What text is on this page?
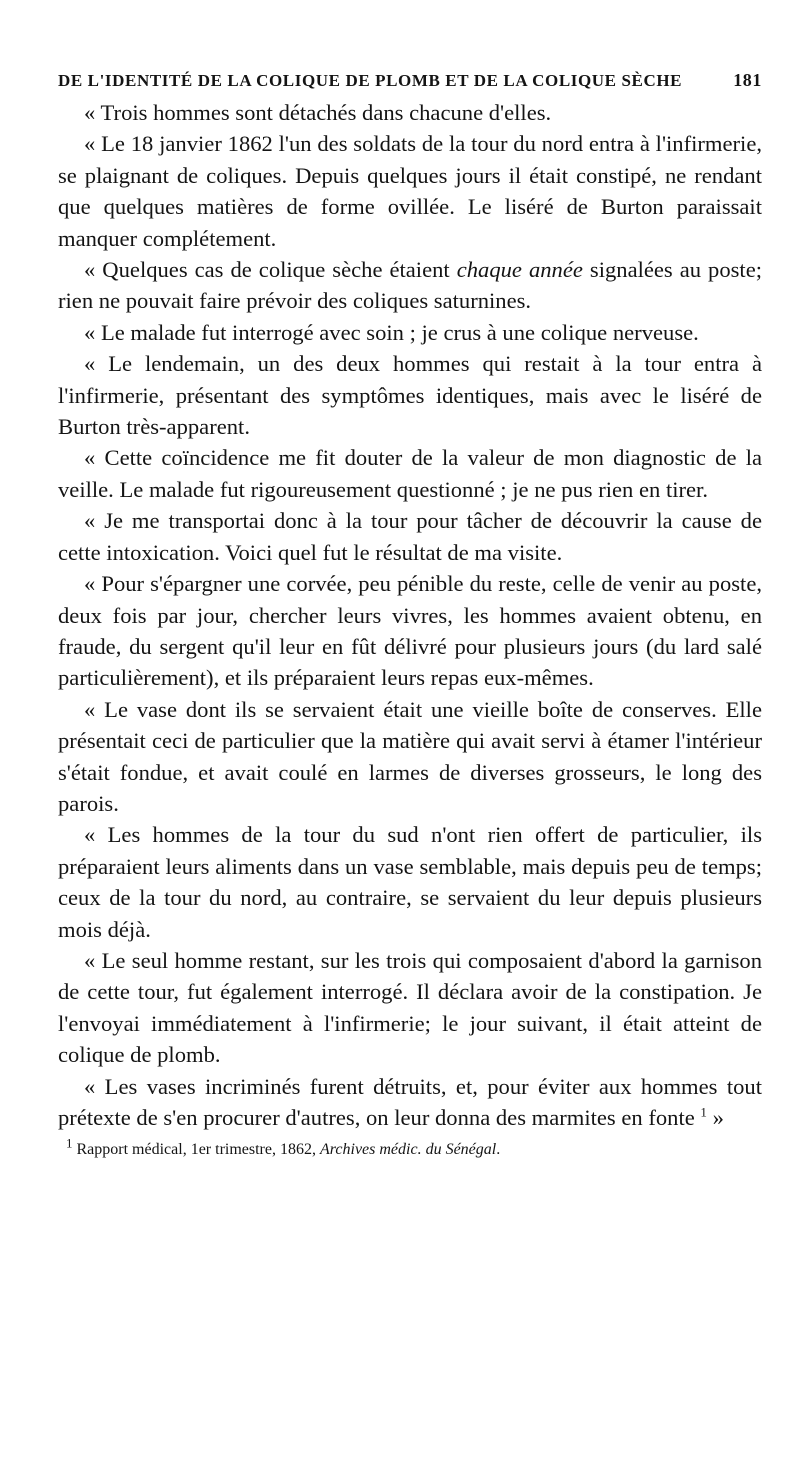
DE L'IDENTITÉ DE LA COLIQUE DE PLOMB ET DE LA COLIQUE SÈCHE	181

« Trois hommes sont détachés dans chacune d'elles.

« Le 18 janvier 1862 l'un des soldats de la tour du nord entra à l'infirmerie, se plaignant de coliques. Depuis quelques jours il était constipé, ne rendant que quelques matières de forme ovillée. Le liséré de Burton paraissait manquer complétement.

« Quelques cas de colique sèche étaient chaque année signalées au poste; rien ne pouvait faire prévoir des coliques saturnines.

« Le malade fut interrogé avec soin ; je crus à une colique nerveuse.

« Le lendemain, un des deux hommes qui restait à la tour entra à l'infirmerie, présentant des symptômes identiques, mais avec le liséré de Burton très-apparent.

« Cette coïncidence me fit douter de la valeur de mon diagnostic de la veille. Le malade fut rigoureusement questionné ; je ne pus rien en tirer.

« Je me transportai donc à la tour pour tâcher de découvrir la cause de cette intoxication. Voici quel fut le résultat de ma visite.

« Pour s'épargner une corvée, peu pénible du reste, celle de venir au poste, deux fois par jour, chercher leurs vivres, les hommes avaient obtenu, en fraude, du sergent qu'il leur en fût délivré pour plusieurs jours (du lard salé particulièrement), et ils préparaient leurs repas eux-mêmes.

« Le vase dont ils se servaient était une vieille boîte de conserves. Elle présentait ceci de particulier que la matière qui avait servi à étamer l'intérieur s'était fondue, et avait coulé en larmes de diverses grosseurs, le long des parois.

« Les hommes de la tour du sud n'ont rien offert de particulier, ils préparaient leurs aliments dans un vase semblable, mais depuis peu de temps; ceux de la tour du nord, au contraire, se servaient du leur depuis plusieurs mois déjà.

« Le seul homme restant, sur les trois qui composaient d'abord la garnison de cette tour, fut également interrogé. Il déclara avoir de la constipation. Je l'envoyai immédiatement à l'infirmerie; le jour suivant, il était atteint de colique de plomb.

« Les vases incriminés furent détruits, et, pour éviter aux hommes tout prétexte de s'en procurer d'autres, on leur donna des marmites en fonte $^1$ »

$^1$ Rapport médical, 1er trimestre, 1862, Archives médic. du Sénégal.
